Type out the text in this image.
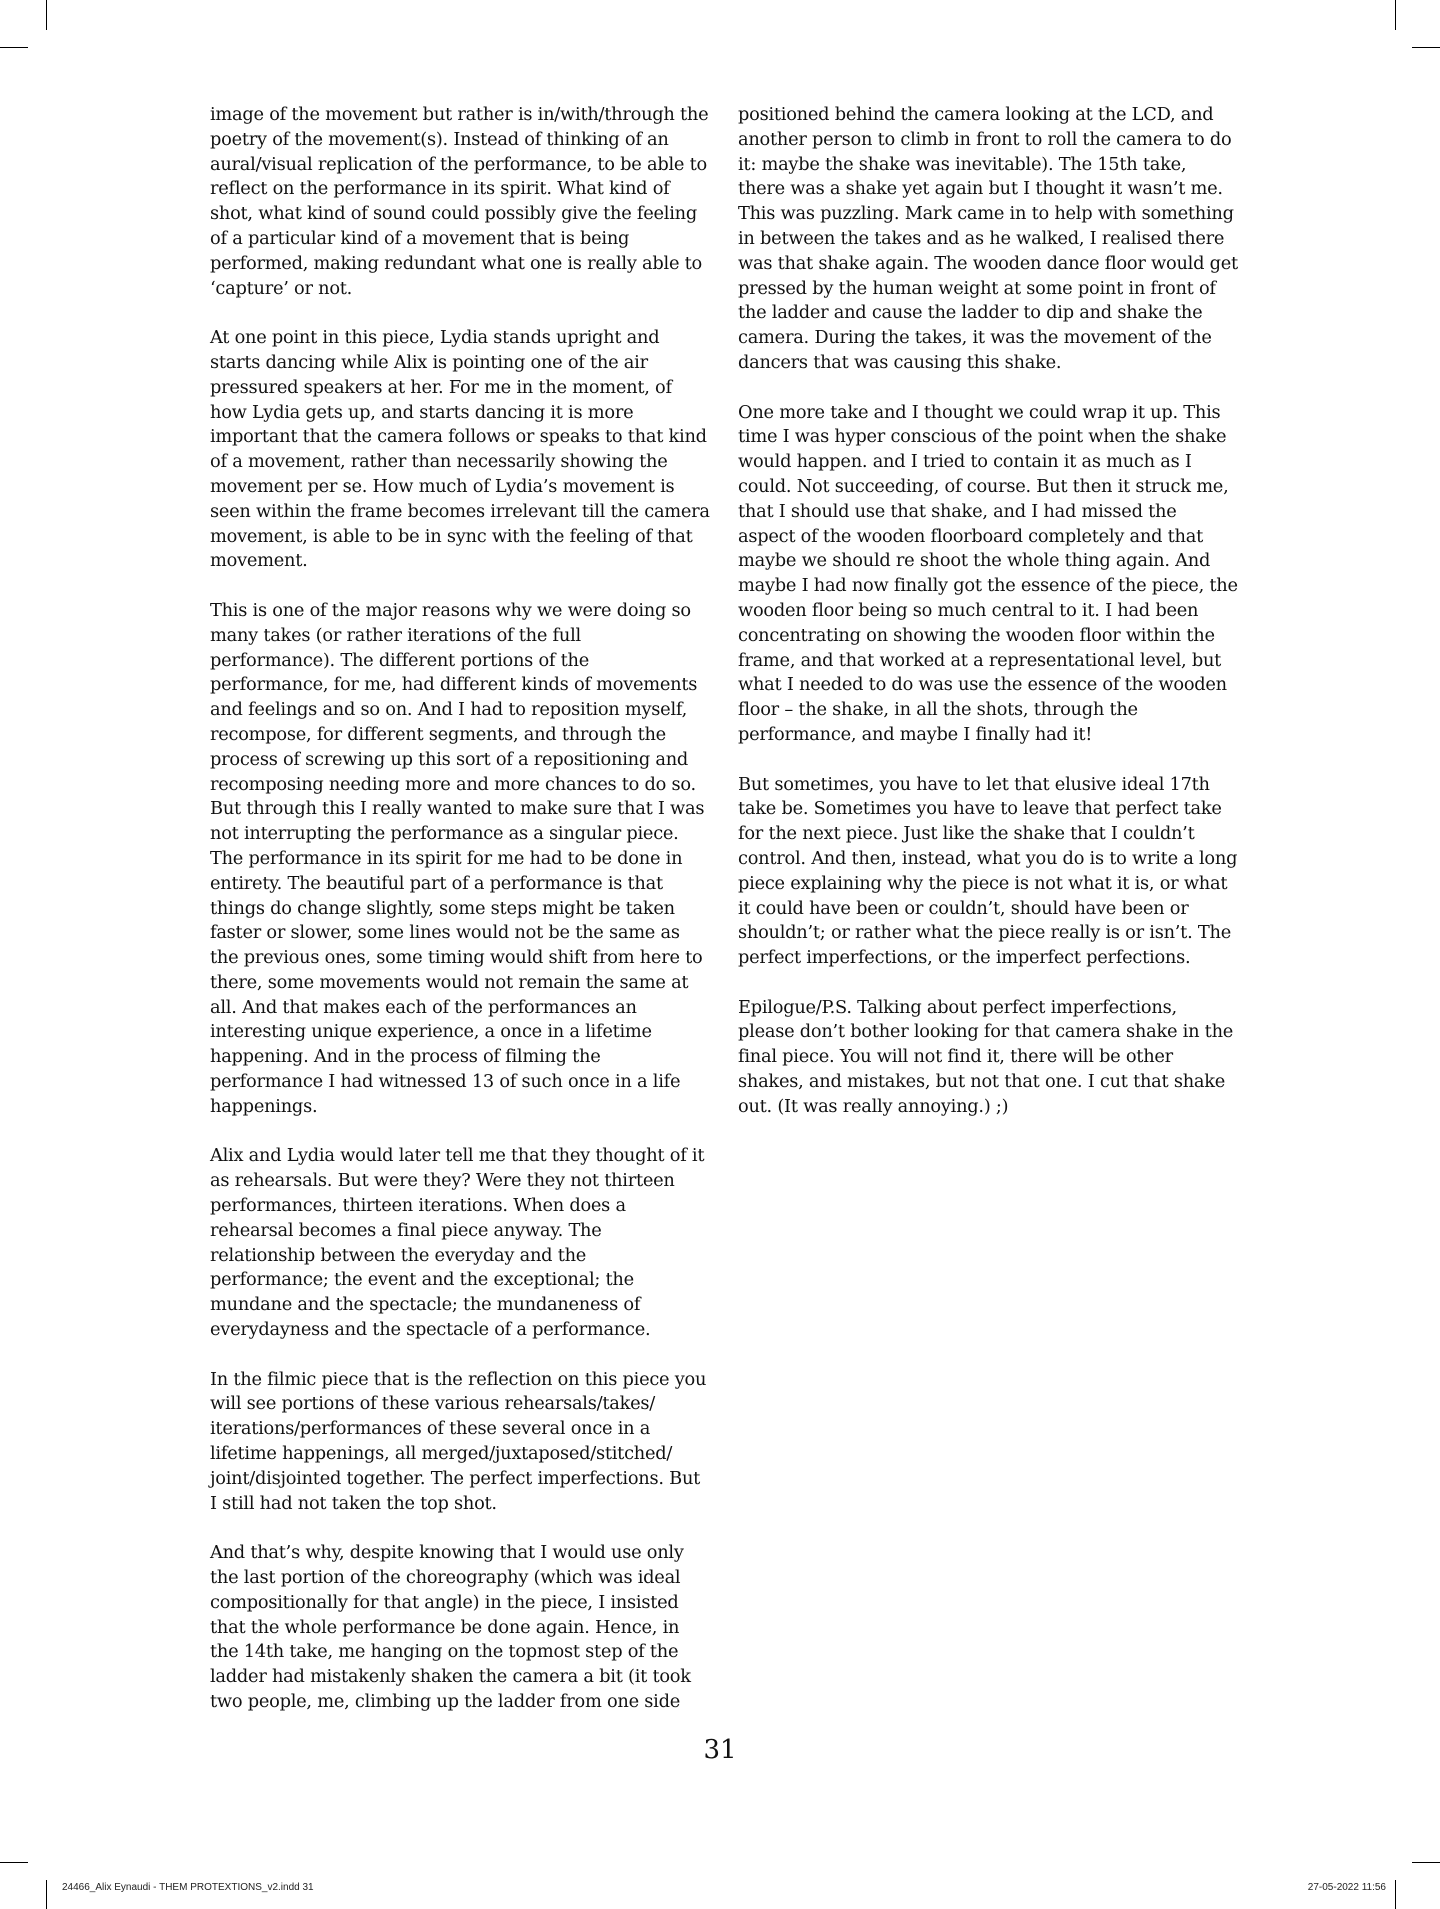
image of the movement but rather is in/with/through the poetry of the movement(s). Instead of thinking of an aural/visual replication of the performance, to be able to reflect on the performance in its spirit. What kind of shot, what kind of sound could possibly give the feeling of a particular kind of a movement that is being performed, making redundant what one is really able to ‘capture’ or not.

At one point in this piece, Lydia stands upright and starts dancing while Alix is pointing one of the air pressured speakers at her. For me in the moment, of how Lydia gets up, and starts dancing it is more important that the camera follows or speaks to that kind of a movement, rather than necessarily showing the movement per se. How much of Lydia’s movement is seen within the frame becomes irrelevant till the camera movement, is able to be in sync with the feeling of that movement.

This is one of the major reasons why we were doing so many takes (or rather iterations of the full performance). The different portions of the performance, for me, had different kinds of movements and feelings and so on. And I had to reposition myself, recompose, for different segments, and through the process of screwing up this sort of a repositioning and recomposing needing more and more chances to do so. But through this I really wanted to make sure that I was not interrupting the performance as a singular piece. The performance in its spirit for me had to be done in entirety. The beautiful part of a performance is that things do change slightly, some steps might be taken faster or slower, some lines would not be the same as the previous ones, some timing would shift from here to there, some movements would not remain the same at all. And that makes each of the performances an interesting unique experience, a once in a lifetime happening. And in the process of filming the performance I had witnessed 13 of such once in a life happenings.

Alix and Lydia would later tell me that they thought of it as rehearsals. But were they? Were they not thirteen performances, thirteen iterations. When does a rehearsal becomes a final piece anyway. The relationship between the everyday and the performance; the event and the exceptional; the mundane and the spectacle; the mundaneness of everydayness and the spectacle of a performance.

In the filmic piece that is the reflection on this piece you will see portions of these various rehearsals/takes/ iterations/performances of these several once in a lifetime happenings, all merged/juxtaposed/stitched/ joint/disjointed together. The perfect imperfections. But I still had not taken the top shot.

And that’s why, despite knowing that I would use only the last portion of the choreography (which was ideal compositionally for that angle) in the piece, I insisted that the whole performance be done again. Hence, in the 14th take, me hanging on the topmost step of the ladder had mistakenly shaken the camera a bit (it took two people, me, climbing up the ladder from one side

positioned behind the camera looking at the LCD, and another person to climb in front to roll the camera to do it: maybe the shake was inevitable). The 15th take, there was a shake yet again but I thought it wasn’t me. This was puzzling. Mark came in to help with something in between the takes and as he walked, I realised there was that shake again. The wooden dance floor would get pressed by the human weight at some point in front of the ladder and cause the ladder to dip and shake the camera. During the takes, it was the movement of the dancers that was causing this shake.

One more take and I thought we could wrap it up. This time I was hyper conscious of the point when the shake would happen. and I tried to contain it as much as I could. Not succeeding, of course. But then it struck me, that I should use that shake, and I had missed the aspect of the wooden floorboard completely and that maybe we should re shoot the whole thing again. And maybe I had now finally got the essence of the piece, the wooden floor being so much central to it. I had been concentrating on showing the wooden floor within the frame, and that worked at a representational level, but what I needed to do was use the essence of the wooden floor – the shake, in all the shots, through the performance, and maybe I finally had it!

But sometimes, you have to let that elusive ideal 17th take be. Sometimes you have to leave that perfect take for the next piece. Just like the shake that I couldn’t control. And then, instead, what you do is to write a long piece explaining why the piece is not what it is, or what it could have been or couldn’t, should have been or shouldn’t; or rather what the piece really is or isn’t. The perfect imperfections, or the imperfect perfections.

Epilogue/P.S. Talking about perfect imperfections, please don’t bother looking for that camera shake in the final piece. You will not find it, there will be other shakes, and mistakes, but not that one. I cut that shake out. (It was really annoying.) ;)

31
24466_Alix Eynaudi - THEM PROTEXTIONS_v2.indd 31	27-05-2022 11:56
